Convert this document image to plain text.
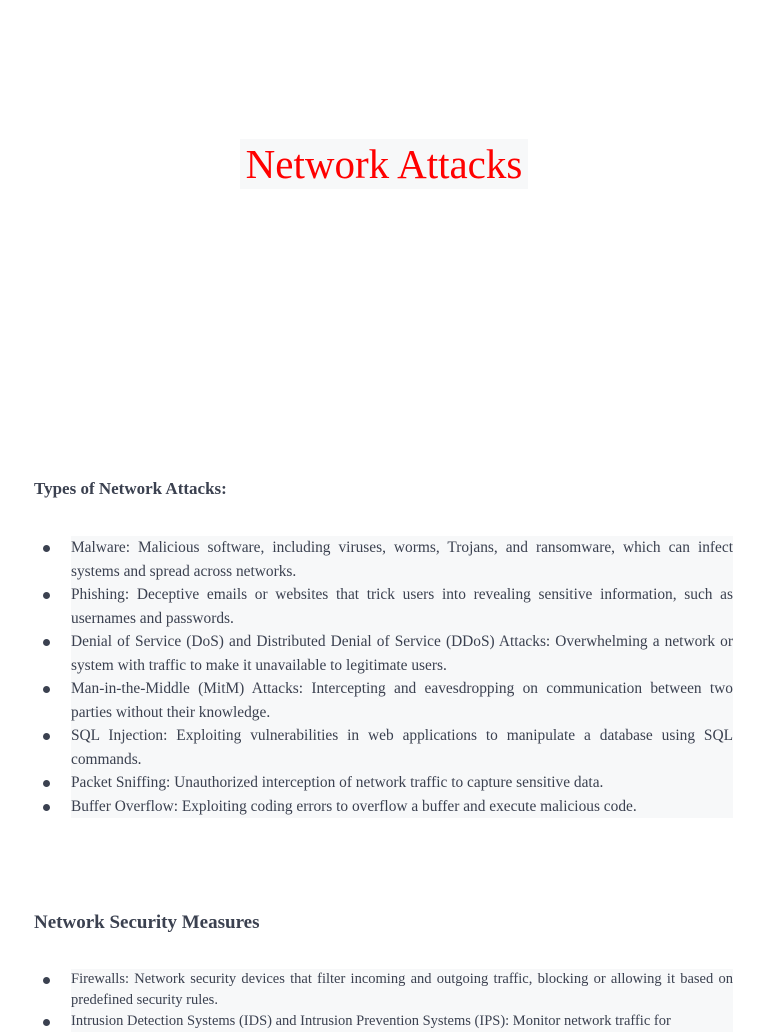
Network Attacks
Types of Network Attacks:
Malware: Malicious software, including viruses, worms, Trojans, and ransomware, which can infect systems and spread across networks.
Phishing: Deceptive emails or websites that trick users into revealing sensitive information, such as usernames and passwords.
Denial of Service (DoS) and Distributed Denial of Service (DDoS) Attacks: Overwhelming a network or system with traffic to make it unavailable to legitimate users.
Man-in-the-Middle (MitM) Attacks: Intercepting and eavesdropping on communication between two parties without their knowledge.
SQL Injection: Exploiting vulnerabilities in web applications to manipulate a database using SQL commands.
Packet Sniffing: Unauthorized interception of network traffic to capture sensitive data.
Buffer Overflow: Exploiting coding errors to overflow a buffer and execute malicious code.
Network Security Measures
Firewalls: Network security devices that filter incoming and outgoing traffic, blocking or allowing it based on predefined security rules.
Intrusion Detection Systems (IDS) and Intrusion Prevention Systems (IPS): Monitor network traffic for
